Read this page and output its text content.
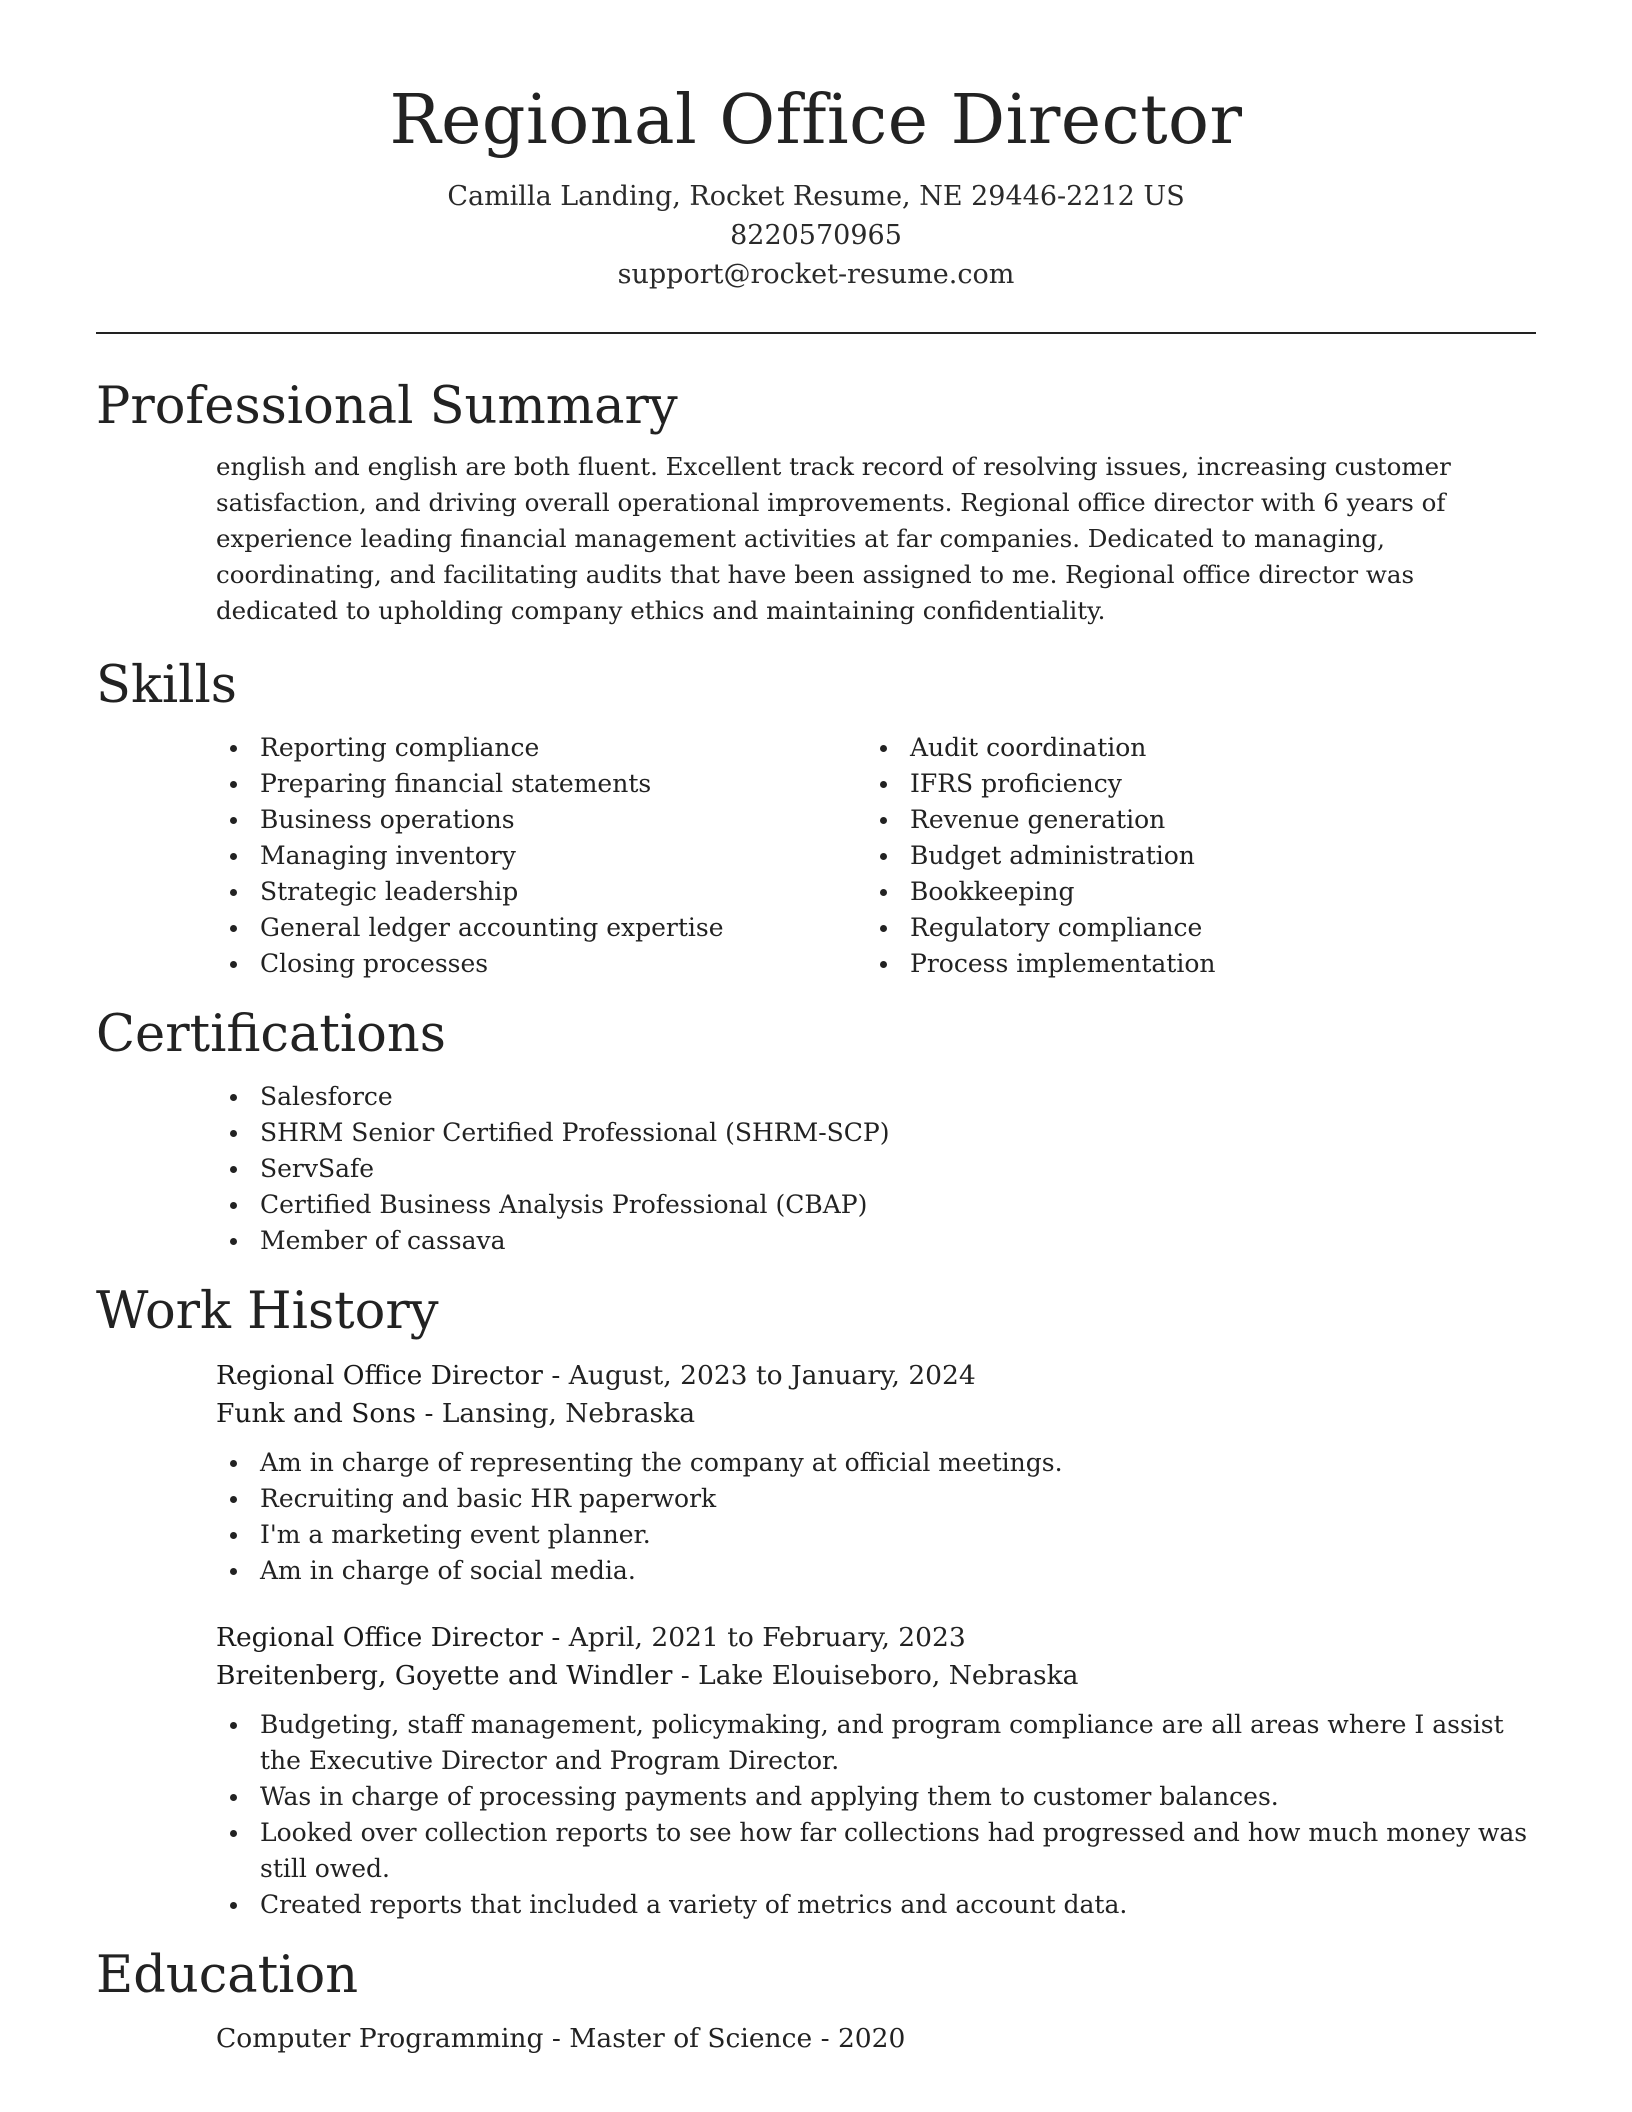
Regional Office Director
Camilla Landing, Rocket Resume, NE 29446-2212 US
8220570965
support@rocket-resume.com
Professional Summary

english and english are both fluent. Excellent track record of resolving issues, increasing customer satisfaction, and driving overall operational improvements. Regional office director with 6 years of experience leading financial management activities at far companies. Dedicated to managing, coordinating, and facilitating audits that have been assigned to me. Regional office director was dedicated to upholding company ethics and maintaining confidentiality.

Skills
Reporting compliance
Preparing financial statements
Business operations
Managing inventory
Strategic leadership
General ledger accounting expertise
Closing processes
Audit coordination
IFRS proficiency
Revenue generation
Budget administration
Bookkeeping
Regulatory compliance
Process implementation
Certifications
Salesforce
SHRM Senior Certified Professional (SHRM-SCP)
ServSafe
Certified Business Analysis Professional (CBAP)
Member of cassava
Work History
Regional Office Director - August, 2023 to January, 2024
Funk and Sons - Lansing, Nebraska
Am in charge of representing the company at official meetings.
Recruiting and basic HR paperwork
I'm a marketing event planner.
Am in charge of social media.
Regional Office Director - April, 2021 to February, 2023
Breitenberg, Goyette and Windler - Lake Elouiseboro, Nebraska
Budgeting, staff management, policymaking, and program compliance are all areas where I assist the Executive Director and Program Director.
Was in charge of processing payments and applying them to customer balances.
Looked over collection reports to see how far collections had progressed and how much money was still owed.
Created reports that included a variety of metrics and account data.
Education
Computer Programming - Master of Science - 2020
